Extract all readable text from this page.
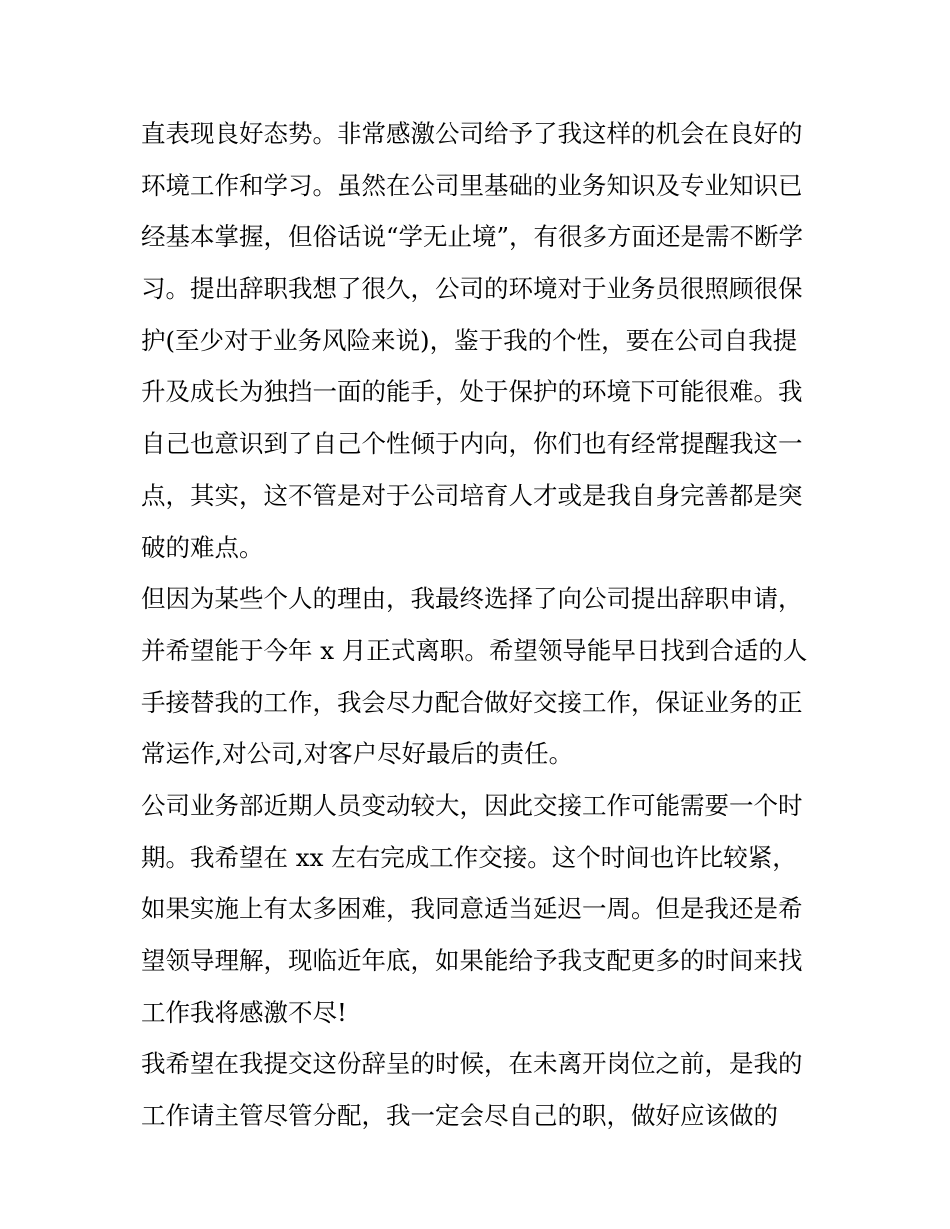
直表现良好态势。非常感激公司给予了我这样的机会在良好的
环境工作和学习。虽然在公司里基础的业务知识及专业知识已
经基本掌握，但俗话说“学无止境”，有很多方面还是需不断学
习。提出辞职我想了很久，公司的环境对于业务员很照顾很保
护(至少对于业务风险来说)，鉴于我的个性，要在公司自我提
升及成长为独挡一面的能手，处于保护的环境下可能很难。我
自己也意识到了自己个性倾于内向，你们也有经常提醒我这一
点，其实，这不管是对于公司培育人才或是我自身完善都是突
破的难点。
但因为某些个人的理由，我最终选择了向公司提出辞职申请，
并希望能于今年 x 月正式离职。希望领导能早日找到合适的人
手接替我的工作，我会尽力配合做好交接工作，保证业务的正
常运作,对公司,对客户尽好最后的责任。
公司业务部近期人员变动较大，因此交接工作可能需要一个时
期。我希望在 xx 左右完成工作交接。这个时间也许比较紧，
如果实施上有太多困难，我同意适当延迟一周。但是我还是希
望领导理解，现临近年底，如果能给予我支配更多的时间来找
工作我将感激不尽!
我希望在我提交这份辞呈的时候，在未离开岗位之前，是我的
工作请主管尽管分配，我一定会尽自己的职，做好应该做的
